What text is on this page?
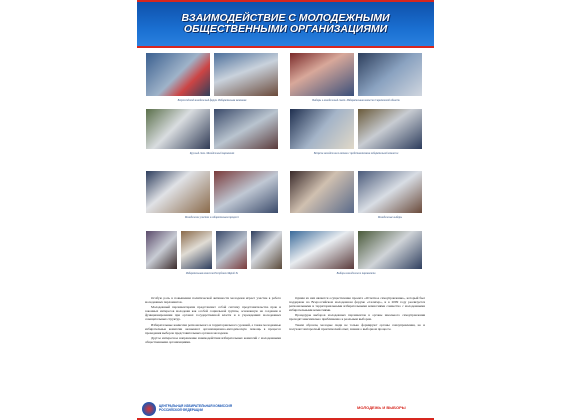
ВЗАИМОДЕЙСТВИЕ С МОЛОДЕЖНЫМИ
ОБЩЕСТВЕННЫМИ ОРГАНИЗАЦИЯМИ
Всероссийский молодежный форум. Избирательная кампания	Выборы в молодежный совет. Избирательная комиссия Саратовской области
Круглый стол. Молодежный парламент	Встреча молодежного актива с представителями избирательной комиссии
Молодежное участие в избирательном процессе	Молодежные выборы
Избирательная комиссия Республики Марий Эл	Выборы молодежного парламента

Особую роль в повышении политической активности молодежи играет участие в работе молодежных парламентов.

Молодежный парламентаризм представляет собой систему представительства прав и законных интересов молодежи как особой социальной группы, основанную на создании и функционировании при органах государственной власти и в учреждениях молодежных совещательных структур.

Избирательные комиссии регионального и территориального уровней, а также молодежные избирательные комиссии оказывают организационно-методическую помощь в процессе проведения выборов представительных органов молодежи.

Другое интересное направление взаимодействия избирательных комиссий с молодежными общественными организациями.

Одним из них является осуществление проекта «Отчетное самоуправление», который был поддержан на Всероссийском молодежном форуме «Селигер», и в 2009 году реализуется региональными и территориальными избирательными комиссиями совместно с молодежными избирательными комиссиями.

Процедуры выборов молодежных парламентов в органы школьного самоуправления проходят максимально приближенно к реальным выборам.

Таким образом, молодые люди не только формируют органы самоуправления, но и получают интересный практический опыт, знания о выборном процессе.

ЦЕНТРАЛЬНАЯ ИЗБИРАТЕЛЬНАЯ КОМИССИЯ
РОССИЙСКОЙ ФЕДЕРАЦИИ	МОЛОДЕЖЬ И ВЫБОРЫ
